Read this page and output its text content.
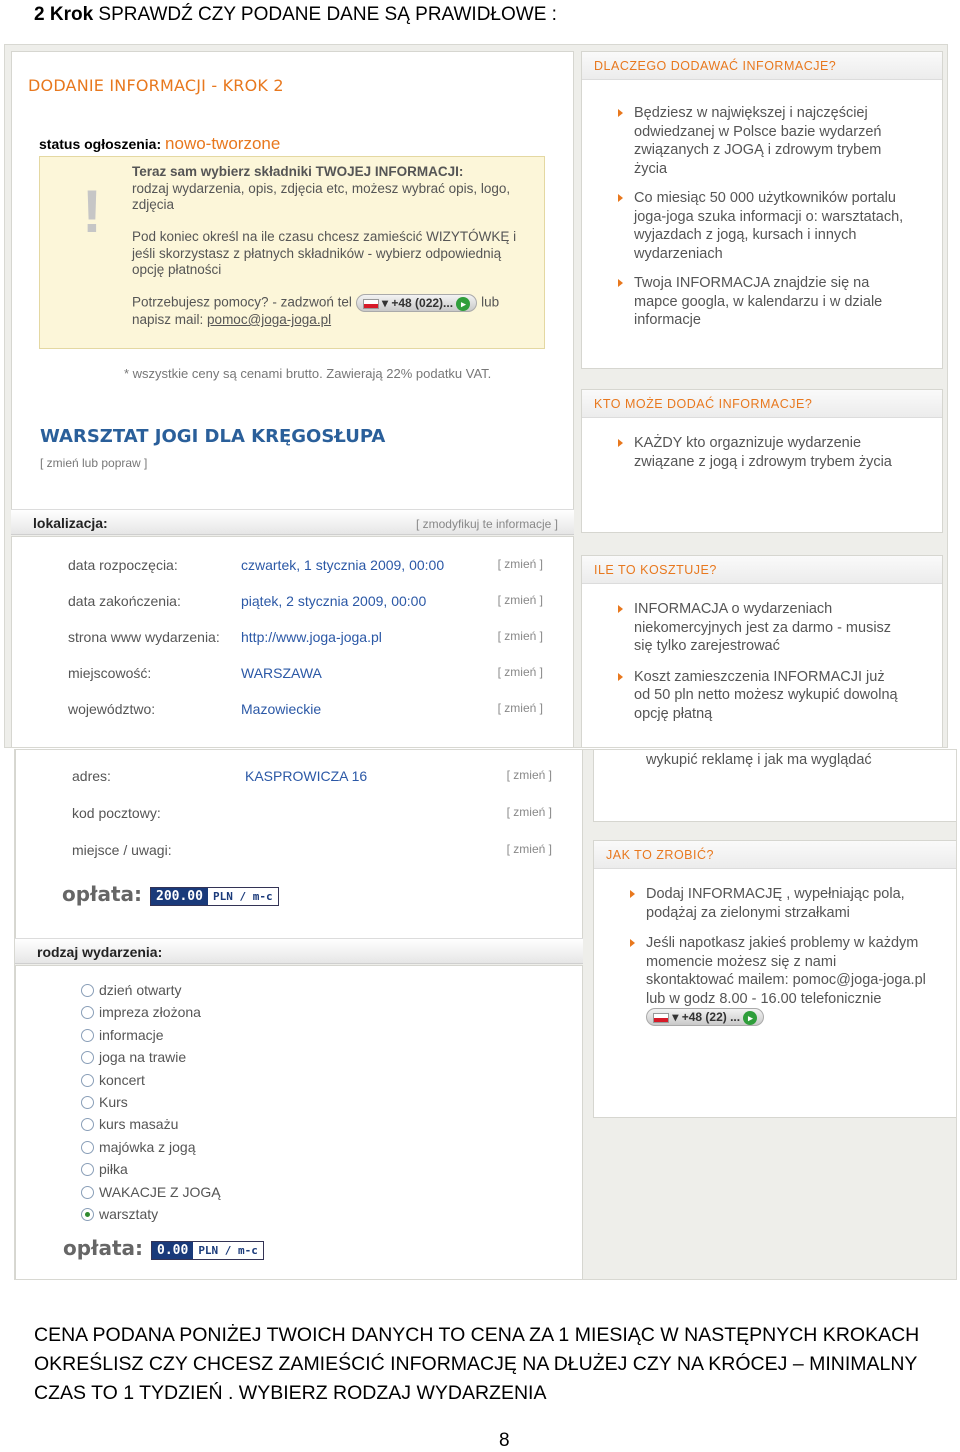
2 Krok SPRAWDŹ CZY PODANE DANE SĄ PRAWIDŁOWE :
DODANIE INFORMACJI - KROK 2
status ogłoszenia: nowo-tworzone
!

Teraz sam wybierz składniki TWOJEJ INFORMACJI:
rodzaj wydarzenia, opis, zdjęcia etc, możesz wybrać opis, logo, zdjęcia

Pod koniec określ na ile czasu chcesz zamieścić WIZYTÓWKĘ i jeśli skorzystasz z płatnych składników - wybierz odpowiednią opcję płatności

Potrzebujesz pomocy? - zadzwoń tel  ▾ +48 (022)... ▸ lub
napisz mail: pomoc@joga-joga.pl

* wszystkie ceny są cenami brutto. Zawierają 22% podatku VAT.
WARSZTAT JOGI DLA KRĘGOSŁUPA
[ zmień lub popraw ]
lokalizacja:	[ zmodyfikuj te informacje ]
data rozpoczęcia:	czwartek, 1 stycznia 2009, 00:00	[ zmień ]
data zakończenia:	piątek, 2 stycznia 2009, 00:00	[ zmień ]
strona www wydarzenia: http://www.joga-joga.pl	[ zmień ]
miejscowość:	WARSZAWA	[ zmień ]
województwo:	Mazowieckie	[ zmień ]
DLACZEGO DODAWAĆ INFORMACJE?
Będziesz w największej i najczęściej odwiedzanej w Polsce bazie wydarzeń związanych z JOGĄ i zdrowym trybem życia
Co miesiąc 50 000 użytkowników portalu joga-joga szuka informacji o: warsztatach, wyjazdach z jogą, kursach i innych wydarzeniach
Twoja INFORMACJA znajdzie się na mapce googla, w kalendarzu i w dziale informacje
KTO MOŻE DODAĆ INFORMACJE?
KAŻDY kto orgaznizuje wydarzenie związane z jogą i zdrowym trybem życia
ILE TO KOSZTUJE?
INFORMACJA o wydarzeniach niekomercyjnych jest za darmo - musisz się tylko zarejestrować
Koszt zamieszczenia INFORMACJI już od 50 pln netto możesz wykupić dowolną opcję płatną
adres:	KASPROWICZA 16	[ zmień ]
kod pocztowy:	[ zmień ]
miejsce / uwagi:	[ zmień ]
opłata:	200.00 PLN / m-c
rodzaj wydarzenia:
dzień otwarty
impreza złożona
informacje
joga na trawie
koncert
Kurs
kurs masażu
majówka z jogą
piłka
WAKACJE Z JOGĄ
warsztaty
opłata:	0.00 PLN / m-c
wykupić reklamę i jak ma wyglądać
JAK TO ZROBIĆ?
Dodaj INFORMACJĘ , wypełniając pola, podążaj za zielonymi strzałkami
Jeśli napotkasz jakieś problemy w każdym momencie możesz się z nami skontaktować mailem: pomoc@joga-joga.pl lub w godz 8.00 - 16.00 telefonicznie  ▾ +48 (22) ... ▸
CENA PODANA PONIŻEJ TWOICH DANYCH TO CENA ZA 1 MIESIĄC W NASTĘPNYCH KROKACH OKREŚLISZ CZY CHCESZ ZAMIEŚCIĆ INFORMACJĘ NA DŁUŻEJ CZY NA KRÓCEJ – MINIMALNY CZAS TO 1 TYDZIEŃ . WYBIERZ RODZAJ WYDARZENIA
8
